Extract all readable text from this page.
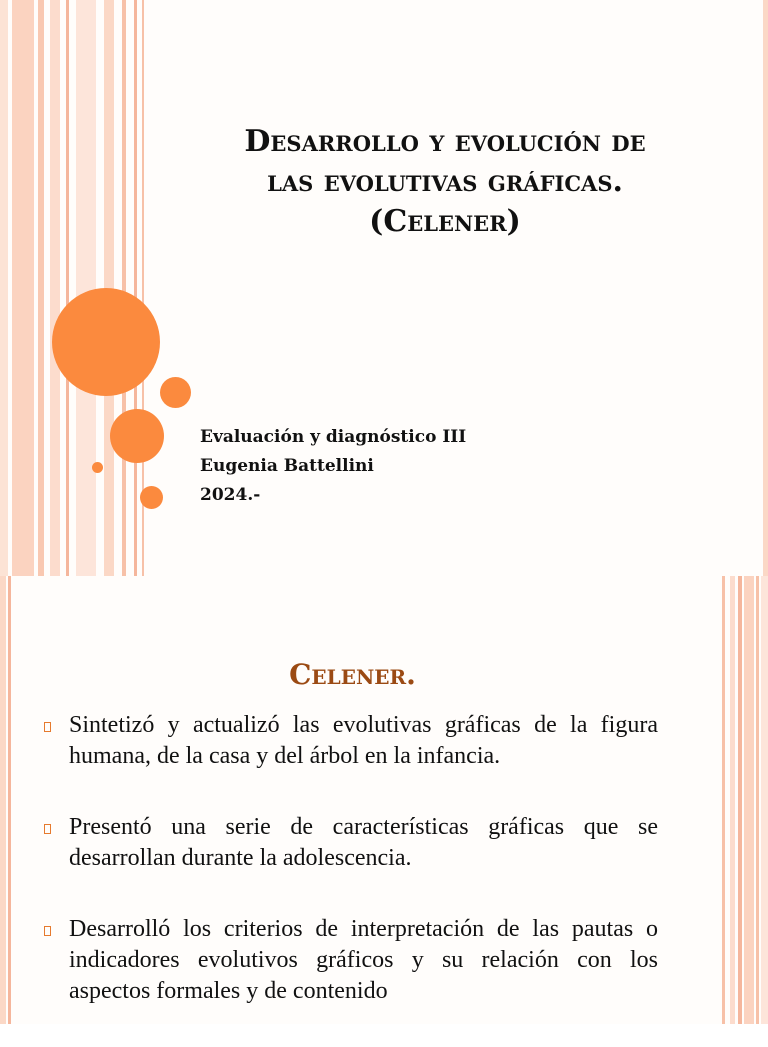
Desarrollo y evolución de
las evolutivas gráficas.
(Celener)
Evaluación y diagnóstico III
Eugenia Battellini
2024.-
Celener.
Sintetizó y actualizó las evolutivas gráficas de la figura humana, de la casa y del árbol en la infancia.
Presentó una serie de características gráficas que se desarrollan durante la adolescencia.
Desarrolló los criterios de interpretación de las pautas o indicadores evolutivos gráficos y su relación con los aspectos formales y de contenido
